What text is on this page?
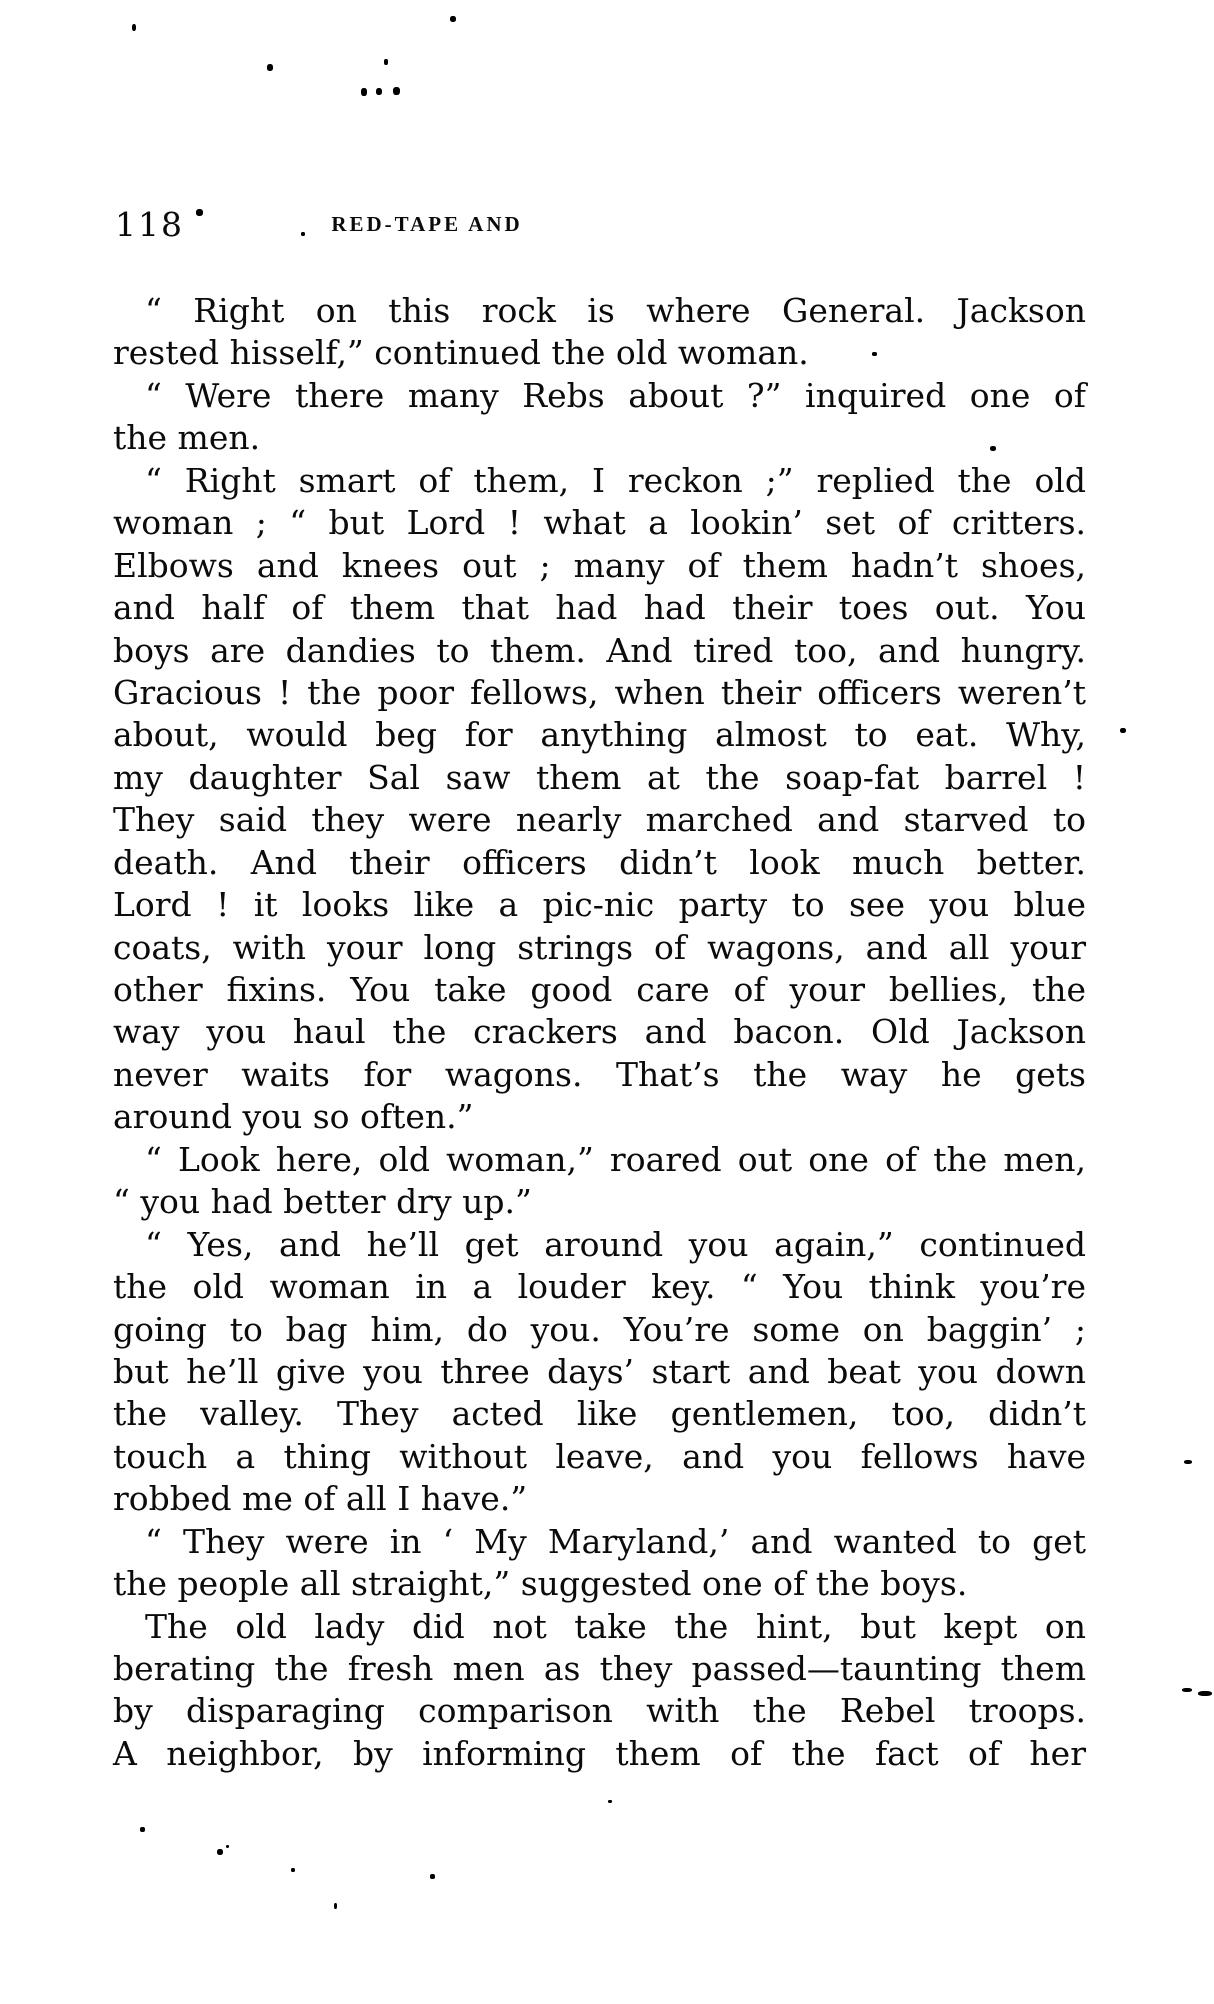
118	RED-TAPE AND
“ Right on this rock is where General. Jackson
rested hisself,” continued the old woman.
“ Were there many Rebs about ?” inquired one of
the men.
“ Right smart of them, I reckon ;” replied the old
woman ; “ but Lord ! what a lookin’ set of critters.
Elbows and knees out ; many of them hadn’t shoes,
and half of them that had had their toes out. You
boys are dandies to them. And tired too, and hungry.
Gracious ! the poor fellows, when their officers weren’t
about, would beg for anything almost to eat. Why,
my daughter Sal saw them at the soap-fat barrel !
They said they were nearly marched and starved to
death. And their officers didn’t look much better.
Lord ! it looks like a pic-nic party to see you blue
coats, with your long strings of wagons, and all your
other fixins. You take good care of your bellies, the
way you haul the crackers and bacon. Old Jackson
never waits for wagons. That’s the way he gets
around you so often.”
“ Look here, old woman,” roared out one of the men,
“ you had better dry up.”
“ Yes, and he’ll get around you again,” continued
the old woman in a louder key. “ You think you’re
going to bag him, do you. You’re some on baggin’ ;
but he’ll give you three days’ start and beat you down
the valley. They acted like gentlemen, too, didn’t
touch a thing without leave, and you fellows have
robbed me of all I have.”
“ They were in ‘ My Maryland,’ and wanted to get
the people all straight,” suggested one of the boys.
The old lady did not take the hint, but kept on
berating the fresh men as they passed—taunting them
by disparaging comparison with the Rebel troops.
A neighbor, by informing them of the fact of her
